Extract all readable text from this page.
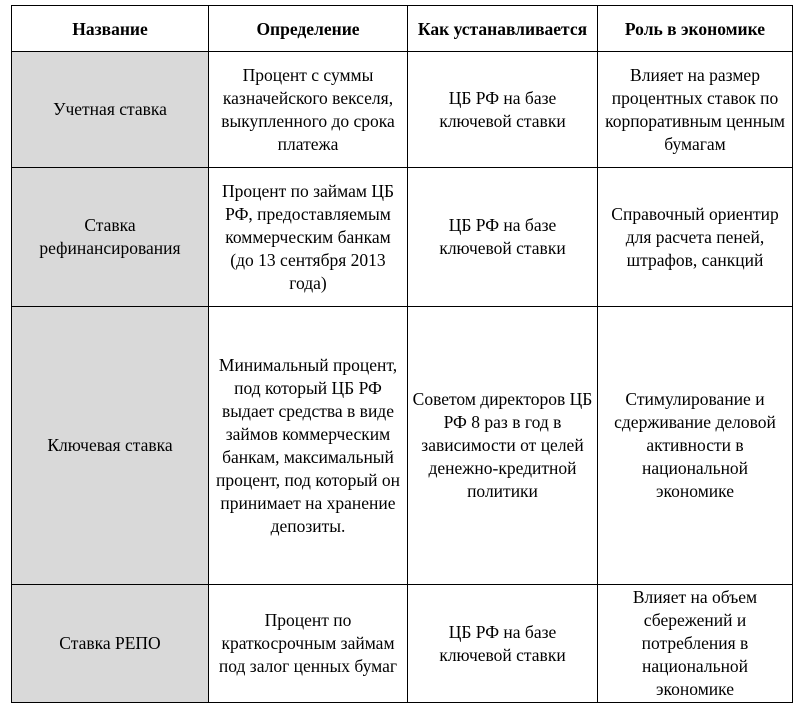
Название	Определение	Как устанавливается	Роль в экономике
Учетная ставка	Процент с суммы казначейского векселя, выкупленного до срока платежа	ЦБ РФ на базе ключевой ставки	Влияет на размер процентных ставок по корпоративным ценным бумагам
Ставка рефинансирования	Процент по займам ЦБ РФ, предоставляемым коммерческим банкам (до 13 сентября 2013 года)	ЦБ РФ на базе ключевой ставки	Справочный ориентир для расчета пеней, штрафов, санкций
Ключевая ставка	Минимальный процент, под который ЦБ РФ выдает средства в виде займов коммерческим банкам, максимальный процент, под который он принимает на хранение депозиты.	Советом директоров ЦБ РФ 8 раз в год в зависимости от целей денежно-кредитной политики	Стимулирование и сдерживание деловой активности в национальной экономике
Ставка РЕПО	Процент по краткосрочным займам под залог ценных бумаг	ЦБ РФ на базе ключевой ставки	Влияет на объем сбережений и потребления в национальной экономике
